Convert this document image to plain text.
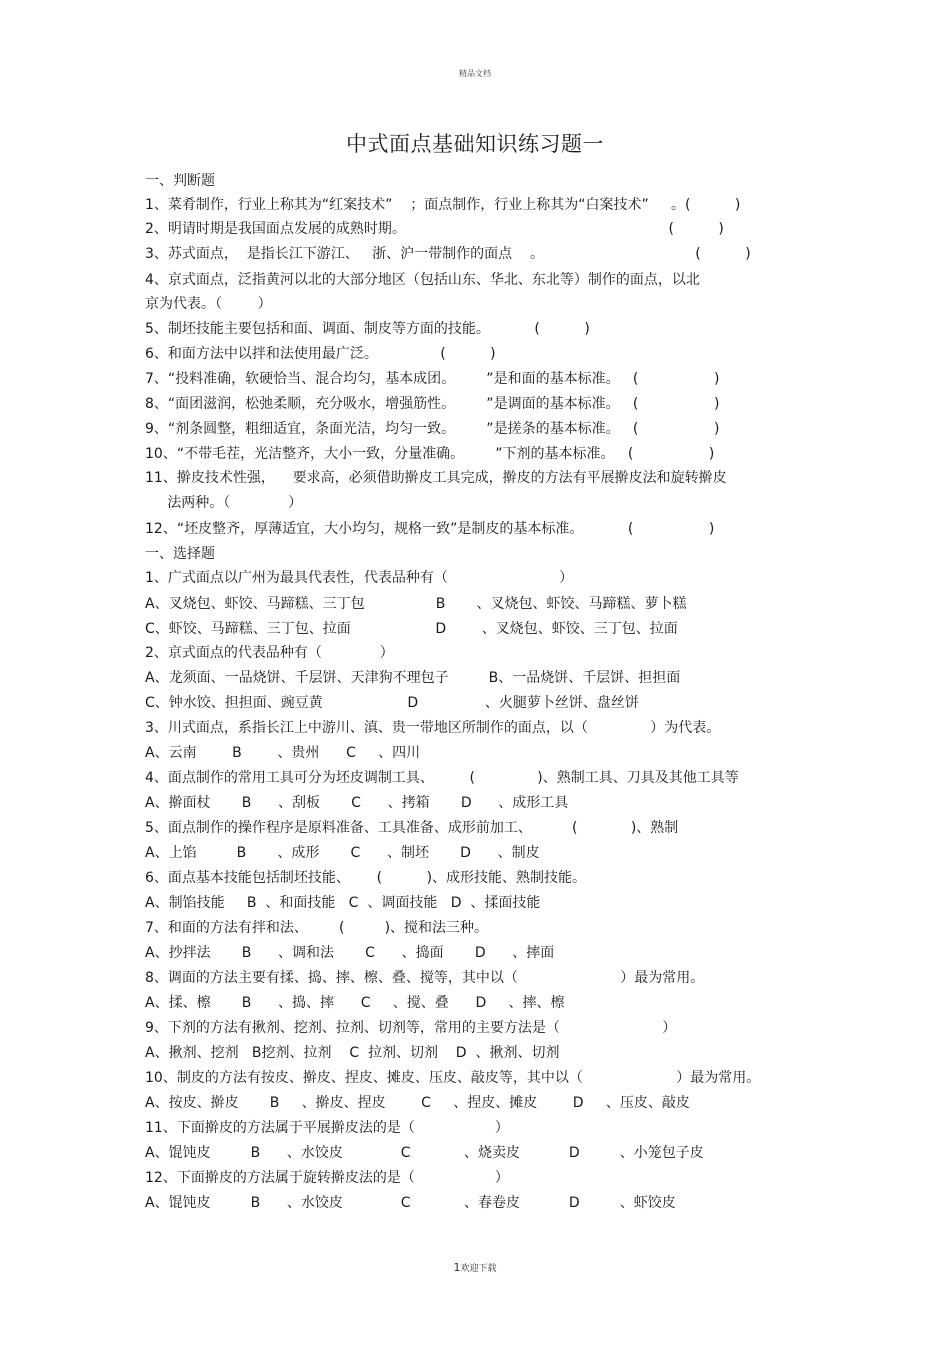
精品文档
中式面点基础知识练习题一
一、判断题
1、菜肴制作，行业上称其为“红案技术”    ；面点制作，行业上称其为“白案技术”     。(          )
2、明请时期是我国面点发展的成熟时期。                                                           (          )
3、苏式面点，  是指长江下游江、   浙、沪一带制作的面点    。                                  (          )
4、京式面点，泛指黄河以北的大部分地区（包括山东、华北、东北等）制作的面点，以北
京为代表。（        ）
5、制坯技能主要包括和面、调面、制皮等方面的技能。          (          )
6、和面方法中以拌和法使用最广泛。              (          )
7、“投料准确，软硬恰当、混合均匀，基本成团。       ”是和面的基本标准。   (                 )
8、“面团滋润，松弛柔顺，充分吸水，增强筋性。       ”是调面的基本标准。   (                 )
9、“剂条圆整，粗细适宜，条面光洁，均匀一致。       ”是搓条的基本标准。   (                 )
10、“不带毛茬，光洁整齐，大小一致，分量准确。       ”下剂的基本标准。   (                 )
11、擀皮技术性强，    要求高，必须借助擀皮工具完成，擀皮的方法有平展擀皮法和旋转擀皮
法两种。（             ）
12、“坯皮整齐，厚薄适宜，大小均匀，规格一致”是制皮的基本标准。          (                 )
一、选择题
1、广式面点以广州为最具代表性，代表品种有（                         ）
A、叉烧包、虾饺、马蹄糕、三丁包                B       、叉烧包、虾饺、马蹄糕、萝卜糕
C、虾饺、马蹄糕、三丁包、拉面                   D        、叉烧包、虾饺、三丁包、拉面
2、京式面点的代表品种有（             ）
A、龙须面、一品烧饼、千层饼、天津狗不理包子         B、一品烧饼、千层饼、担担面
C、钟水饺、担担面、豌豆黄                   D               、火腿萝卜丝饼、盘丝饼
3、川式面点，系指长江上中游川、滇、贵一带地区所制作的面点，以（              ）为代表。
A、云南        B        、贵州      C     、四川
4、面点制作的常用工具可分为坯皮调制工具、        (              )、熟制工具、刀具及其他工具等
A、擀面杖       B      、刮板       C      、拷箱       D      、成形工具
5、面点制作的操作程序是原料准备、工具准备、成形前加工、         (            )、熟制
A、上馅         B       、成形       C      、制坯       D      、制皮
6、面点基本技能包括制坯技能、      (          )、成形技能、熟制技能。
A、制馅技能     B  、和面技能   C  、调面技能   D  、揉面技能
7、和面的方法有拌和法、       (         )、搅和法三种。
A、抄拌法       B      、调和法       C      、捣面       D      、摔面
8、调面的方法主要有揉、捣、摔、檫、叠、搅等，其中以（                       ）最为常用。
A、揉、檫       B      、捣、摔      C     、搅、叠      D     、摔、檫
9、下剂的方法有揪剂、挖剂、拉剂、切剂等，常用的主要方法是（                       ）
A、揪剂、挖剂   B挖剂、拉剂    C  拉剂、切剂    D  、揪剂、切剂
10、制皮的方法有按皮、擀皮、捏皮、摊皮、压皮、敲皮等，其中以（                     ）最为常用。
A、按皮、擀皮       B     、擀皮、捏皮        C     、捏皮、摊皮        D     、压皮、敲皮
11、下面擀皮的方法属于平展擀皮法的是（                  ）
A、馄饨皮         B      、水饺皮             C            、烧卖皮           D         、小笼包子皮
12、下面擀皮的方法属于旋转擀皮法的是（                  ）
A、馄饨皮         B      、水饺皮             C            、春卷皮           D         、虾饺皮
1欢迎下载
